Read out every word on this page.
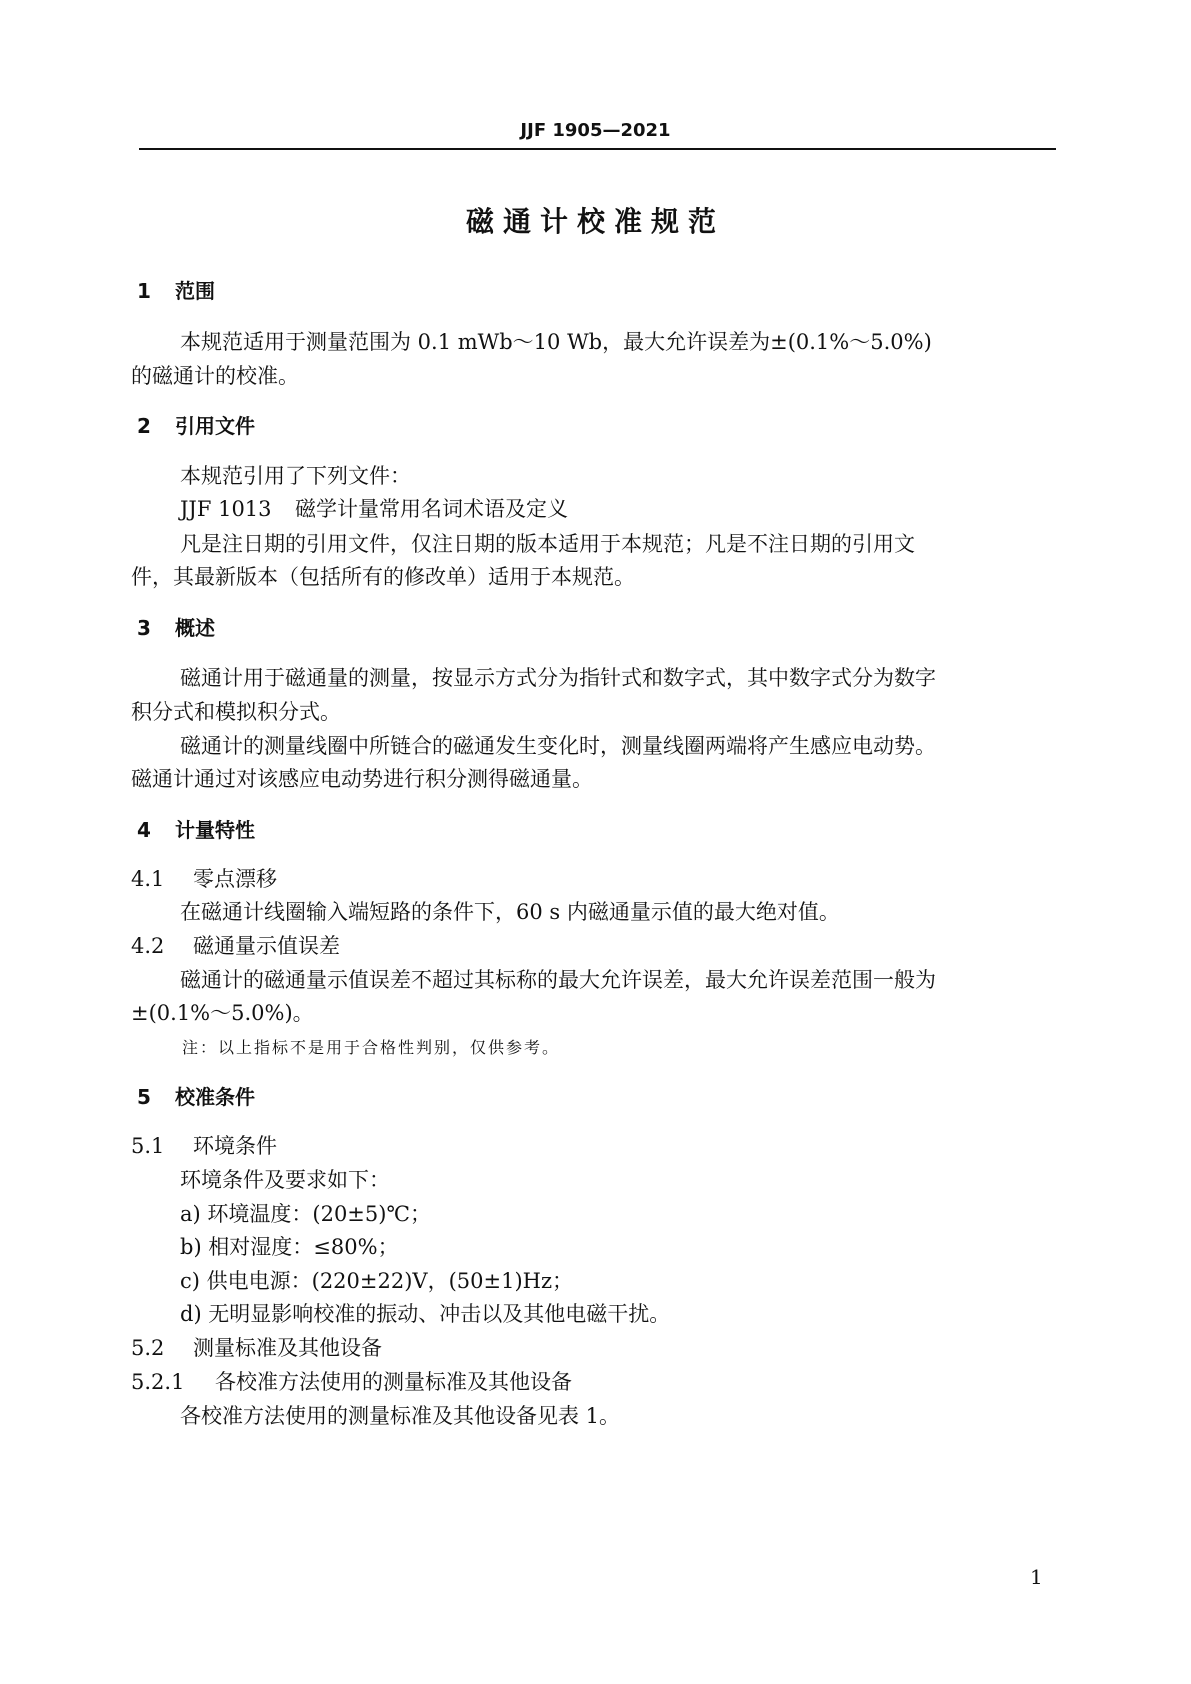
JJF 1905—2021
磁通计校准规范
1 范围
本规范适用于测量范围为 0.1 mWb～10 Wb，最大允许误差为±(0.1%～5.0%)
的磁通计的校准。
2 引用文件
本规范引用了下列文件：
JJF 1013 磁学计量常用名词术语及定义
凡是注日期的引用文件，仅注日期的版本适用于本规范；凡是不注日期的引用文
件，其最新版本（包括所有的修改单）适用于本规范。
3 概述
磁通计用于磁通量的测量，按显示方式分为指针式和数字式，其中数字式分为数字
积分式和模拟积分式。
磁通计的测量线圈中所链合的磁通发生变化时，测量线圈两端将产生感应电动势。
磁通计通过对该感应电动势进行积分测得磁通量。
4 计量特性
4.1 零点漂移
在磁通计线圈输入端短路的条件下，60 s 内磁通量示值的最大绝对值。
4.2 磁通量示值误差
磁通计的磁通量示值误差不超过其标称的最大允许误差，最大允许误差范围一般为
±(0.1%～5.0%)。
注：以上指标不是用于合格性判别，仅供参考。
5 校准条件
5.1 环境条件
环境条件及要求如下：
a) 环境温度：(20±5)℃；
b) 相对湿度：≤80%；
c) 供电电源：(220±22)V，(50±1)Hz；
d) 无明显影响校准的振动、冲击以及其他电磁干扰。
5.2 测量标准及其他设备
5.2.1 各校准方法使用的测量标准及其他设备
各校准方法使用的测量标准及其他设备见表 1。
1
